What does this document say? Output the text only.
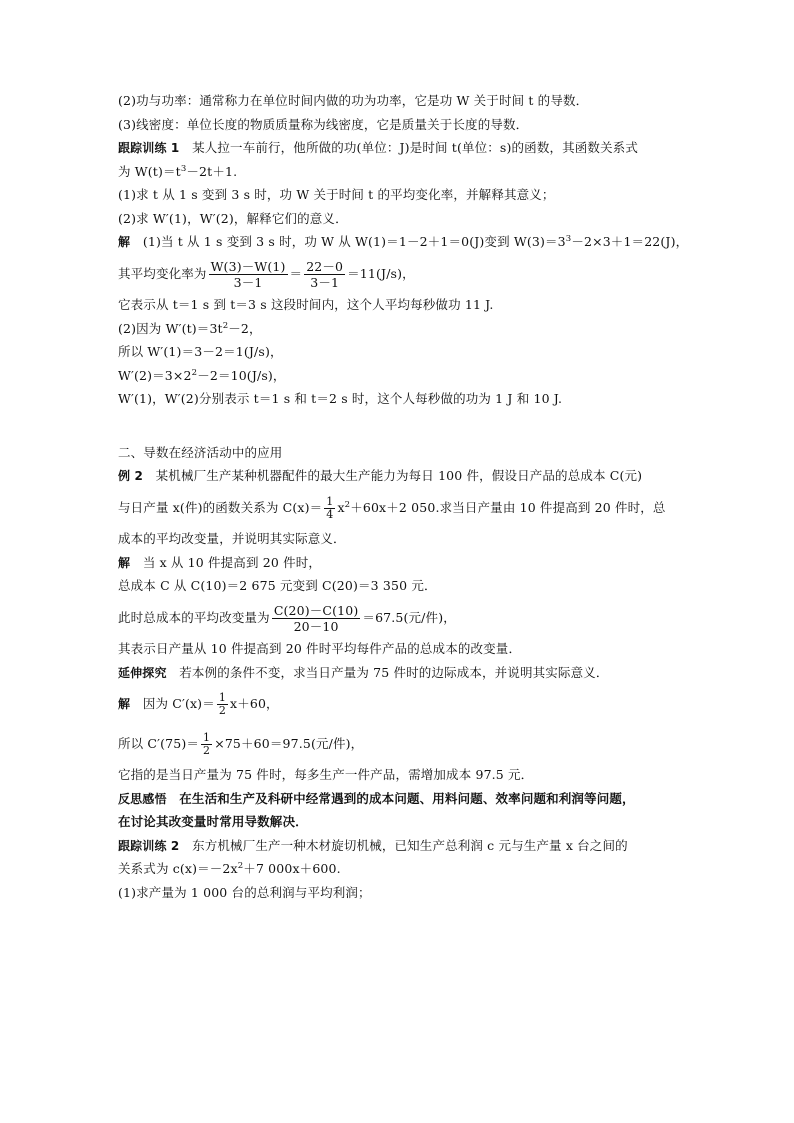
(2)功与功率：通常称力在单位时间内做的功为功率，它是功 W 关于时间 t 的导数．
(3)线密度：单位长度的物质质量称为线密度，它是质量关于长度的导数．
跟踪训练 1　 某人拉一车前行，他所做的功(单位：J)是时间 t(单位：s)的函数，其函数关系式
为 $W(t)=t^3-2t+1$.
(1)求 t 从 1 s 变到 3 s 时，功 W 关于时间 t 的平均变化率，并解释其意义；
(2)求 W′(1)，W′(2)，解释它们的意义．
解　 (1)当 t 从 1 s 变到 3 s 时，功 W 从 W(1)＝1－2＋1＝0(J)变到 $W(3)=3^3-2\times 3+1=22(J)$，
其平均变化率为 $\frac{W(3)-W(1)}{3-1} = \frac{22-0}{3-1} =11(J/s)$，
它表示从 t＝1 s 到 t＝3 s 这段时间内，这个人平均每秒做功 11 J.
(2)因为 $W'(t)=3t^2-2$，
所以 W′(1)＝3－2＝1(J/s)，
$W'(2)=3\times 2^2-2=10(J/s)$，
W′(1)，W′(2)分别表示 t＝1 s 和 t＝2 s 时，这个人每秒做的功为 1 J 和 10 J.
二、导数在经济活动中的应用
例 2　 某机械厂生产某种机器配件的最大生产能力为每日 100 件，假设日产品的总成本 C(元)
与日产量 x(件)的函数关系为 $C(x)= \frac{1}{4} x^2+60x+2$ 050.求当日产量由 10 件提高到 20 件时，总
成本的平均改变量，并说明其实际意义．
解　 当 x 从 10 件提高到 20 件时，
总成本 C 从 C(10)＝2 675 元变到 C(20)＝3 350 元．
此时总成本的平均改变量为 $\frac{C(20)-C(10)}{20-10} =67.5$(元/件)，
其表示日产量从 10 件提高到 20 件时平均每件产品的总成本的改变量．
延伸探究　 若本例的条件不变，求当日产量为 75 件时的边际成本，并说明其实际意义．
解　 因为 $C'(x)= \frac{1}{2} x+60$，
所以 $C'(75)= \frac{1}{2} \times 75+60=97.5$(元/件)，
它指的是当日产量为 75 件时，每多生产一件产品，需增加成本 97.5 元．
反思感悟　 在生活和生产及科研中经常遇到的成本问题、用料问题、效率问题和利润等问题，
在讨论其改变量时常用导数解决．
跟踪训练 2　 东方机械厂生产一种木材旋切机械，已知生产总利润 c 元与生产量 x 台之间的
关系式为 $c(x)=-2x^2+7$ 000x＋600.
(1)求产量为 1 000 台的总利润与平均利润；
